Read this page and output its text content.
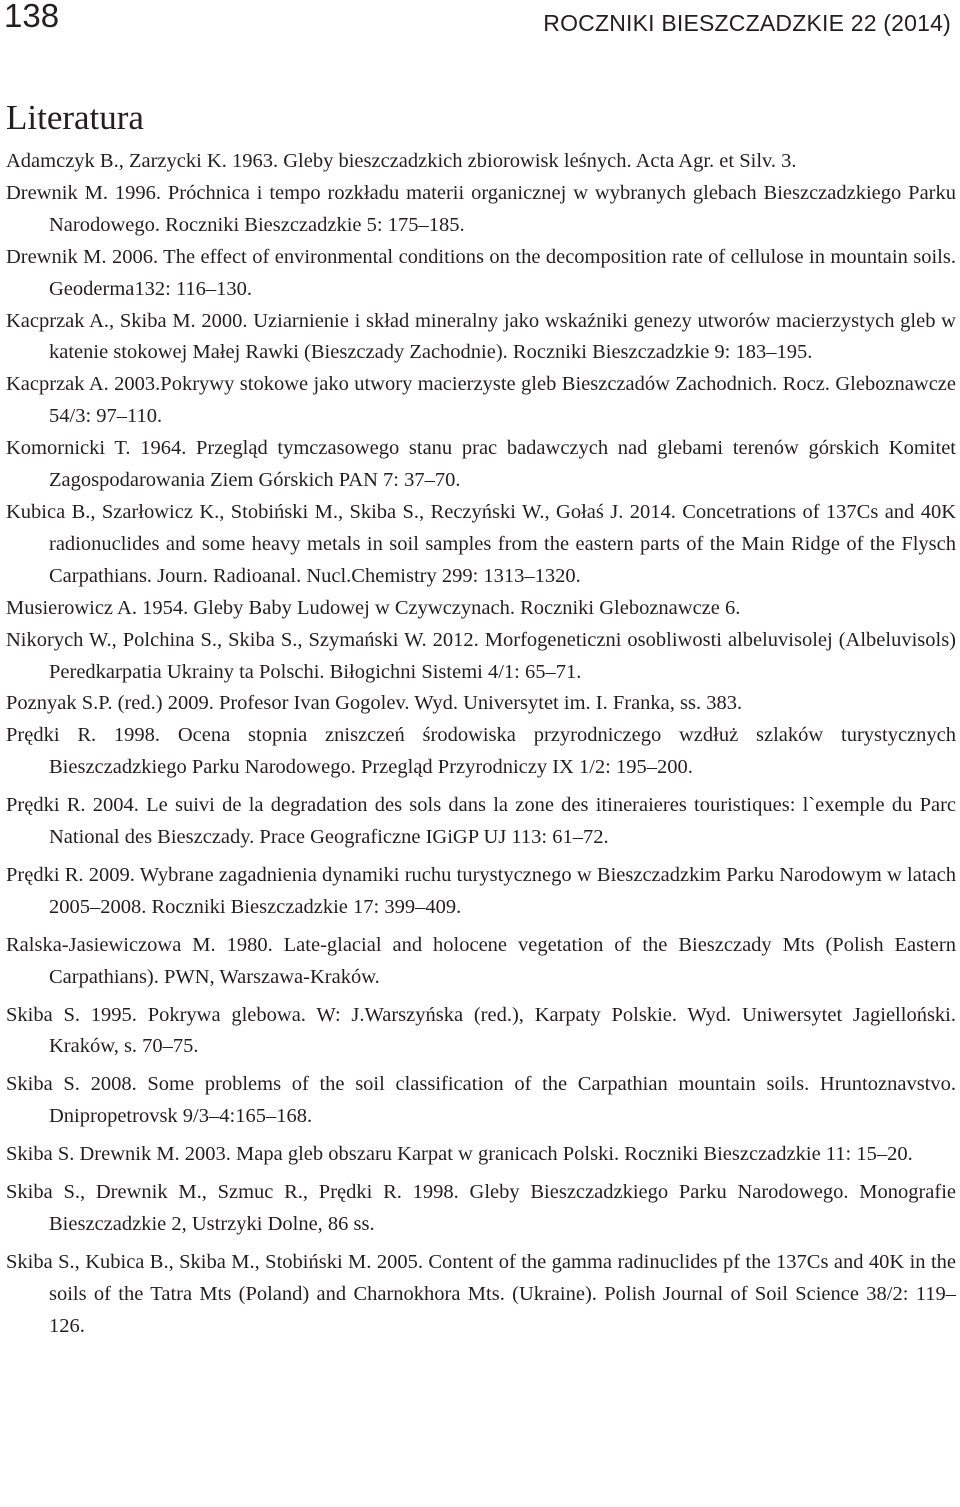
138	ROCZNIKI BIESZCZADZKIE 22 (2014)
Literatura
Adamczyk B., Zarzycki K. 1963. Gleby bieszczadzkich zbiorowisk leśnych. Acta Agr. et Silv. 3.
Drewnik M. 1996. Próchnica i tempo rozkładu materii organicznej w wybranych glebach Bieszczadzkiego Parku Narodowego. Roczniki Bieszczadzkie 5: 175–185.
Drewnik M. 2006. The effect of environmental conditions on the decomposition rate of cellulose in mountain soils. Geoderma132: 116–130.
Kacprzak A., Skiba M. 2000. Uziarnienie i skład mineralny jako wskaźniki genezy utworów macierzystych gleb w katenie stokowej Małej Rawki (Bieszczady Zachodnie). Roczniki Bieszczadzkie 9: 183–195.
Kacprzak A. 2003.Pokrywy stokowe jako utwory macierzyste gleb Bieszczadów Zachodnich. Rocz. Gleboznawcze 54/3: 97–110.
Komornicki T. 1964. Przegląd tymczasowego stanu prac badawczych nad glebami terenów górskich Komitet Zagospodarowania Ziem Górskich PAN 7: 37–70.
Kubica B., Szarłowicz K., Stobiński M., Skiba S., Reczyński W., Gołaś J. 2014. Concetrations of 137Cs and 40K radionuclides and some heavy metals in soil samples from the eastern parts of the Main Ridge of the Flysch Carpathians. Journ. Radioanal. Nucl.Chemistry 299: 1313–1320.
Musierowicz A. 1954. Gleby Baby Ludowej w Czywczynach. Roczniki Gleboznawcze 6.
Nikorych W., Polchina S., Skiba S., Szymański W. 2012. Morfogeneticzni osobliwosti albeluvisolej (Albeluvisols) Peredkarpatia Ukrainy ta Polschi. Biłogichni Sistemi 4/1: 65–71.
Poznyak S.P. (red.) 2009. Profesor Ivan Gogolev. Wyd. Universytet im. I. Franka, ss. 383.
Prędki R. 1998. Ocena stopnia zniszczeń środowiska przyrodniczego wzdłuż szlaków turystycznych Bieszczadzkiego Parku Narodowego. Przegląd Przyrodniczy IX 1/2: 195–200.
Prędki R. 2004. Le suivi de la degradation des sols dans la zone des itineraieres touristiques: l`exemple du Parc National des Bieszczady. Prace Geograficzne IGiGP UJ 113: 61–72.
Prędki R. 2009. Wybrane zagadnienia dynamiki ruchu turystycznego w Bieszczadzkim Parku Narodowym w latach 2005–2008. Roczniki Bieszczadzkie 17: 399–409.
Ralska-Jasiewiczowa M. 1980. Late-glacial and holocene vegetation of the Bieszczady Mts (Polish Eastern Carpathians). PWN, Warszawa-Kraków.
Skiba S. 1995. Pokrywa glebowa. W: J.Warszyńska (red.), Karpaty Polskie. Wyd. Uniwersytet Jagielloński. Kraków, s. 70–75.
Skiba S. 2008. Some problems of the soil classification of the Carpathian mountain soils. Hruntoznavstvo. Dnipropetrovsk 9/3–4:165–168.
Skiba S. Drewnik M. 2003. Mapa gleb obszaru Karpat w granicach Polski. Roczniki Bieszczadzkie 11: 15–20.
Skiba S., Drewnik M., Szmuc R., Prędki R. 1998. Gleby Bieszczadzkiego Parku Narodowego. Monografie Bieszczadzkie 2, Ustrzyki Dolne, 86 ss.
Skiba S., Kubica B., Skiba M., Stobiński M. 2005. Content of the gamma radinuclides pf the 137Cs and 40K in the soils of the Tatra Mts (Poland) and Charnokhora Mts. (Ukraine). Polish Journal of Soil Science 38/2: 119–126.
